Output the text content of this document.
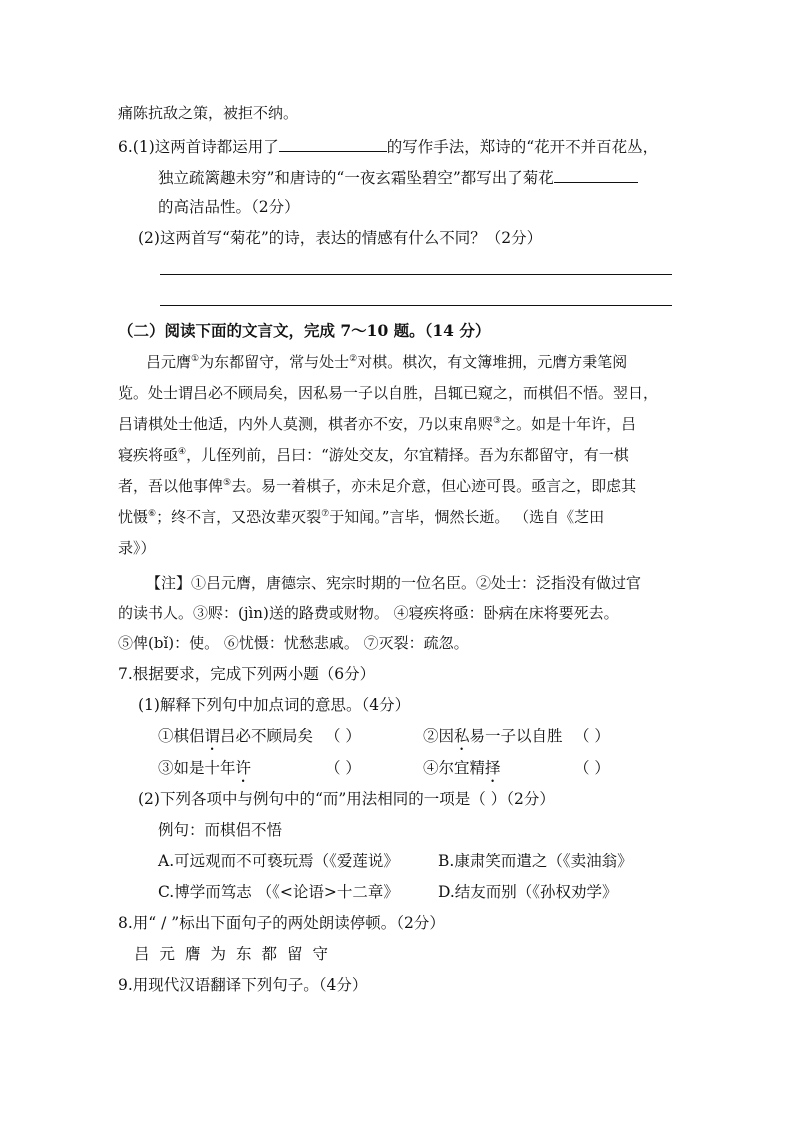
痛陈抗敌之策，被拒不纳。
6.(1)这两首诗都运用了	的写作手法，郑诗的“花开不并百花丛，
独立疏篱趣未穷”和唐诗的“一夜玄霜坠碧空”都写出了菊花
的高洁品性。（2分）
(2)这两首写“菊花”的诗，表达的情感有什么不同？（2分）
（二）阅读下面的文言文，完成 7～10 题。（14 分）
吕元膺①为东都留守，常与处士②对棋。棋次，有文簿堆拥，元膺方秉笔阅
览。处士谓吕必不顾局矣，因私易一子以自胜，吕辄已窥之，而棋侣不悟。翌日，
吕请棋处士他适，内外人莫测，棋者亦不安，乃以束帛赆③之。如是十年许，吕
寝疾将亟④，儿侄列前，吕曰：“游处交友，尔宜精择。吾为东都留守，有一棋
者，吾以他事俾⑤去。易一着棋子，亦未足介意，但心迹可畏。亟言之，即虑其
忧慑⑥；终不言，又恐汝辈灭裂⑦于知闻。”言毕，惆然长逝。 （选自《芝田
录》）
【注】①吕元膺，唐德宗、宪宗时期的一位名臣。②处士：泛指没有做过官
的读书人。③赆：(jìn)送的路费或财物。 ④寝疾将亟：卧病在床将要死去。
⑤俾(bǐ)：使。 ⑥忧慑：忧愁悲戚。 ⑦灭裂：疏忽。
7.根据要求，完成下列两小题（6分）
(1)解释下列句中加点词的意思。（4分）
①棋侣谓吕必不顾局矣 （ ）	②因私易一子以自胜 （ ）
③如是十年许	（ ）	④尔宜精择	（ ）
(2)下列各项中与例句中的“而”用法相同的一项是（ ）（2分）
例句：而棋侣不悟
A.可远观而不可亵玩焉（《爱莲说》	B.康肃笑而遣之（《卖油翁》
C.博学而笃志 （《<论语>十二章》	D.结友而别（《孙权劝学》
8.用“ / ”标出下面句子的两处朗读停顿。（2分）
吕元膺为东都留守
9.用现代汉语翻译下列句子。（4分）
